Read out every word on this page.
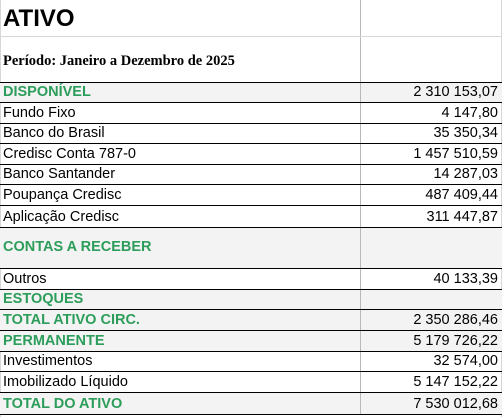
ATIVO
Período: Janeiro a Dezembro de 2025
DISPONÍVEL	2 310 153,07
Fundo Fixo	4 147,80
Banco do Brasil	35 350,34
Credisc Conta 787-0	1 457 510,59
Banco Santander	14 287,03
Poupança Credisc	487 409,44
Aplicação Credisc	311 447,87
CONTAS A RECEBER
Outros	40 133,39
ESTOQUES
TOTAL ATIVO CIRC.	2 350 286,46
PERMANENTE	5 179 726,22
Investimentos	32 574,00
Imobilizado Líquido	5 147 152,22
TOTAL DO ATIVO	7 530 012,68
